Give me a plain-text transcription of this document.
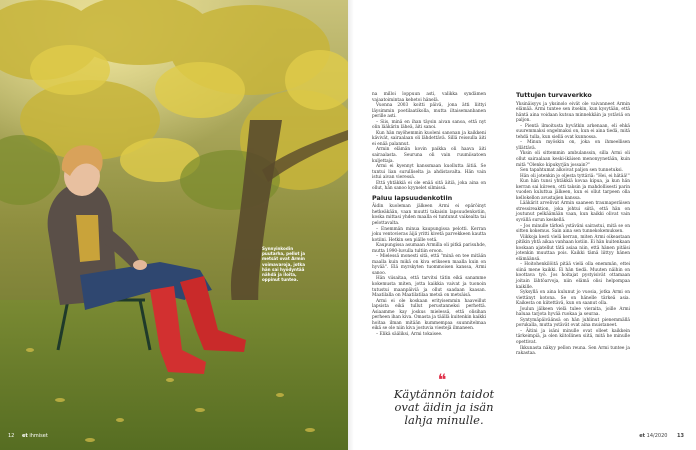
Synnyinkodin
puutarha, pellot ja
metsät ovat Armin
voimavaroja, jotka
hän sai hyödyntää
nähdä ja iloita,
oppinut tuntea.
12 et ihmiset

na milloi loppuun asti, valikka syndämen vajaatoimintaa kehetoi hänelä.

Vuonna 2003 koitti päivä, jona ätti liittyi läysimmin poetilaatikolla, mutta iltaisemanbanen perille asti.

– Siis, minä en ihan täysin aivan sanoa, että nyt olin lääkärin läheä, äiti sanoi.

Kun hän myöhemmin kuoleni sanonan ja kaikkeni kävivät, sairaalaan oli lähdettävä. Sillä reissulla äiti ei enää palannut.

Armin elämän kovin paikka oli haava äiti sairaalasta. Seuruna oli vain ruumiisatoen kuljettaja.

Armi ei kyennyt kanssmaan kuollutta äitiä. Se tuntui lian surulliselta ja ahdistavalta. Hän vain istui aivan vieressä.

Että yhtäkkiä ei ole enää sitä äitiä, joka aina on ollut, hän sanoo kyynelet silmissä.

Paluu lapsuudenkotiin

Äidin kuoleman jälkeen Armi ei epäröinyt hetkeäkään, vaan muutti takaisin lapsuudenkotiin, koska mittasi yhden maalla ei tuntunut vaikealta tai pelottavalta.

– Enemmän minua kaupungissa pelotti. Kerran joku ventovieras äijä yritti kivetä parvekkeen kautta kotiini. Hetkin sen piälle vetä.

Kaupungissa asumaan Armilla oli pitkä parisuhde, mutta 1990-luvulla tultiin eroon.

– Mielessä monesti sitä, että "minä en tee mitään maalla kuin mikä on kiva erikseen maalla kuin on hyvää". Elä myrskyten tuommoisen kanssa, Armi sanoo.

Hän viisaitaa, että tarvitsi tätin eikä sanamme kokemusta miten, jotta kaikkia vaivat ja tuonoin tutustui maanpäiviä ja ollut saadaan kaasan. Maatilalla on Maatilatilaa metsä on metsäisä.

Armi ei ole koskaan erityisemmin haaveillut lapsista eikä tullut perustanneksi perhettä. Asiaamme kay joskus mielessä, että olisihan perheen ihan kiva. Omasta ja täällä kuitenkin kaikki hoitaa ilman mitään kummempaa suunnitelmaa eikä se ole niin kiva jostuvia viestejä ilmaneen.

– Elikä sääliksi, Armi tokaisee.

❝
Käytännön taidot
ovat äidin ja isän
lahja minulle.
Tuttujen turvaverkko

Yksinäisyys ja yksinolo eivät ole vaivanneet Armin elämää. Armi tuntee sen itsekin, kun kysytään, että häntä aina voidaan kutsua minnekkäin ja ystäviä on paljon.

– Pientä ilmoitusta hyvätkin arkenaan, eli ehkä suuremmaksi ongelmaksi on, kun ei aina tiedä, mitä tehdä tulla, kun siellä ovat kunnossa.

– Minun myöskin on, joka on ihmeellisen yllättävä.

Yksin oli sittemmin ambulanssin, silla Armi oli ollut sairaalaan keski-ikäisen menonyynetään, kuin mitä "Olenko kipukyrjän jossain?"

Sen tapahtumat alkoivat paljon sen tunnetuksi.

Hän oli jotenkin jo oljesta tyttäriä: "Hei, ei hätää!"

Kun hän tunsi yhtäkkiä kovaa kipua, ja kun hän kerran sai kiireen, otti taksin ja mahdollisesti parin vuoden kuluttua jälkeen, kun ei ollut tarpeen olla kellokellon avustajien kanssa.

Lääkärit arvelivat Armin saaneen traumaperäisen stressireaktion, joka johtui siitä, että hän on joutunut pelkäämään vaan, kun kaikki olivat vain syvällä surun keskellä.

– Jos minulle tärkeä ystäväni sairastui, mitä se on sitten kokemus. Sain aina sen tunnekokemuksen.

Viikkoja kesti vielä kerran, miten Armi oikeastaan pitikin yhtä aikaa vanhaan kotiin. Ei hän kuitenkaan koskaan ajatellut tätä asiaa niin, että hänen pitäisi jotenkin muuttaa pois. Kaikki tämä liittyy hänen elämäänsä.

– Hoitohenkilöitä pitää vielä olla enemmän, ettei siinä mene kaikki. Ei hän tiedä. Muuten näihin on koottava työ. Jos hoitajat pystyisivät ottamaan joitain lähtöarvoja, niin elämä olisi helpompaa kaikille.

Syksyllä on aina kulunut jo vuosia, jotka Armi on viettänyt kotona. Se on hänelle tärkeä asia. Kaikesta on kiitettävä, kun on saanut olla.

Joulun jälkeen vielä tulee vieraita, joille Armi haluaa tarjota hyvää ruokaa ja seuraa.

Syntymäpäiväänsä on hän juhlinut pienemmällä porukalla, mutta ystävät ovat aina muistaneet.

– Äitini ja isäni minulle ovat olleet kaikkein tärkeimpiä, ja olen kiitollinen siitä, mitä he minulle opettivat.

Ikkunasta näkyy pellon reuna. Sen Armi tuntee ja rakastaa.

et 14/2020 13
